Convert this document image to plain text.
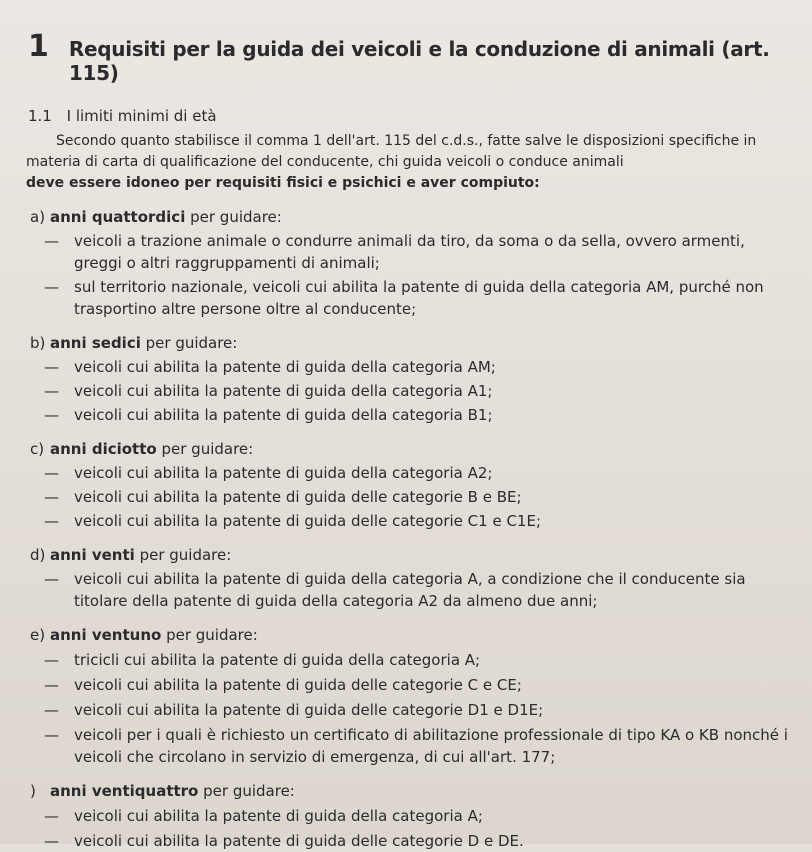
1 Requisiti per la guida dei veicoli e la conduzione di animali (art. 115)
1.1 I limiti minimi di età

Secondo quanto stabilisce il comma 1 dell'art. 115 del c.d.s., fatte salve le disposizioni specifiche in materia di carta di qualificazione del conducente, chi guida veicoli o conduce animali
deve essere idoneo per requisiti fisici e psichici e aver compiuto:

a) anni quattordici per guidare:
—	veicoli a trazione animale o condurre animali da tiro, da soma o da sella, ovvero armenti, greggi o altri raggruppamenti di animali;
—	sul territorio nazionale, veicoli cui abilita la patente di guida della categoria AM, purché non trasportino altre persone oltre al conducente;
b) anni sedici per guidare:
—	veicoli cui abilita la patente di guida della categoria AM;
—	veicoli cui abilita la patente di guida della categoria A1;
—	veicoli cui abilita la patente di guida della categoria B1;
c) anni diciotto per guidare:
—	veicoli cui abilita la patente di guida della categoria A2;
—	veicoli cui abilita la patente di guida delle categorie B e BE;
—	veicoli cui abilita la patente di guida delle categorie C1 e C1E;
d) anni venti per guidare:
—	veicoli cui abilita la patente di guida della categoria A, a condizione che il conducente sia titolare della patente di guida della categoria A2 da almeno due anni;
e) anni ventuno per guidare:
—	tricicli cui abilita la patente di guida della categoria A;
—	veicoli cui abilita la patente di guida delle categorie C e CE;
—	veicoli cui abilita la patente di guida delle categorie D1 e D1E;
—	veicoli per i quali è richiesto un certificato di abilitazione professionale di tipo KA o KB nonché i veicoli che circolano in servizio di emergenza, di cui all'art. 177;
) anni ventiquattro per guidare:
—	veicoli cui abilita la patente di guida della categoria A;
—	veicoli cui abilita la patente di guida delle categorie D e DE.
